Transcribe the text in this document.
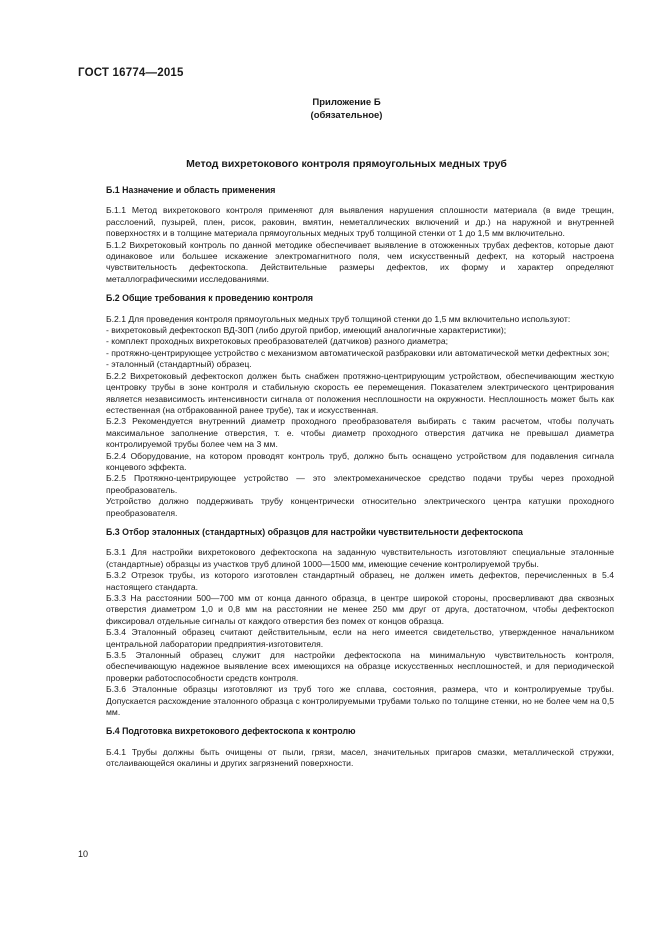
ГОСТ 16774—2015
Приложение Б
(обязательное)
Метод вихретокового контроля прямоугольных медных труб
Б.1 Назначение и область применения

Б.1.1 Метод вихретокового контроля применяют для выявления нарушения сплошности материала (в виде трещин, расслоений, пузырей, плен, рисок, раковин, вмятин, неметаллических включений и др.) на наружной и внутренней поверхностях и в толщине материала прямоугольных медных труб толщиной стенки от 1 до 1,5 мм включительно.

Б.1.2 Вихретоковый контроль по данной методике обеспечивает выявление в отожженных трубах дефектов, которые дают одинаковое или большее искажение электромагнитного поля, чем искусственный дефект, на который настроена чувствительность дефектоскопа. Действительные размеры дефектов, их форму и характер определяют металлографическими исследованиями.

Б.2 Общие требования к проведению контроля

Б.2.1 Для проведения контроля прямоугольных медных труб толщиной стенки до 1,5 мм включительно используют:

- вихретоковый дефектоскоп ВД-30П (либо другой прибор, имеющий аналогичные характеристики);

- комплект проходных вихретоковых преобразователей (датчиков) разного диаметра;

- протяжно-центрирующее устройство с механизмом автоматической разбраковки или автоматической метки дефектных зон;

- эталонный (стандартный) образец.

Б.2.2 Вихретоковый дефектоскоп должен быть снабжен протяжно-центрирующим устройством, обеспечивающим жесткую центровку трубы в зоне контроля и стабильную скорость ее перемещения. Показателем электрического центрирования является независимость интенсивности сигнала от положения несплошности на окружности. Несплошность может быть как естественная (на отбракованной ранее трубе), так и искусственная.

Б.2.3 Рекомендуется внутренний диаметр проходного преобразователя выбирать с таким расчетом, чтобы получать максимальное заполнение отверстия, т. е. чтобы диаметр проходного отверстия датчика не превышал диаметра контролируемой трубы более чем на 3 мм.

Б.2.4 Оборудование, на котором проводят контроль труб, должно быть оснащено устройством для подавления сигнала концевого эффекта.

Б.2.5 Протяжно-центрирующее устройство — это электромеханическое средство подачи трубы через проходной преобразователь.

Устройство должно поддерживать трубу концентрически относительно электрического центра катушки проходного преобразователя.

Б.3 Отбор эталонных (стандартных) образцов для настройки чувствительности дефектоскопа

Б.3.1 Для настройки вихретокового дефектоскопа на заданную чувствительность изготовляют специальные эталонные (стандартные) образцы из участков труб длиной 1000—1500 мм, имеющие сечение контролируемой трубы.

Б.3.2 Отрезок трубы, из которого изготовлен стандартный образец, не должен иметь дефектов, перечисленных в 5.4 настоящего стандарта.

Б.3.3 На расстоянии 500—700 мм от конца данного образца, в центре широкой стороны, просверливают два сквозных отверстия диаметром 1,0 и 0,8 мм на расстоянии не менее 250 мм друг от друга, достаточном, чтобы дефектоскоп фиксировал отдельные сигналы от каждого отверстия без помех от концов образца.

Б.3.4 Эталонный образец считают действительным, если на него имеется свидетельство, утвержденное начальником центральной лаборатории предприятия-изготовителя.

Б.3.5 Эталонный образец служит для настройки дефектоскопа на минимальную чувствительность контроля, обеспечивающую надежное выявление всех имеющихся на образце искусственных несплошностей, и для периодической проверки работоспособности средств контроля.

Б.3.6 Эталонные образцы изготовляют из труб того же сплава, состояния, размера, что и контролируемые трубы. Допускается расхождение эталонного образца с контролируемыми трубами только по толщине стенки, но не более чем на 0,5 мм.

Б.4 Подготовка вихретокового дефектоскопа к контролю

Б.4.1 Трубы должны быть очищены от пыли, грязи, масел, значительных пригаров смазки, металлической стружки, отслаивающейся окалины и других загрязнений поверхности.

10
